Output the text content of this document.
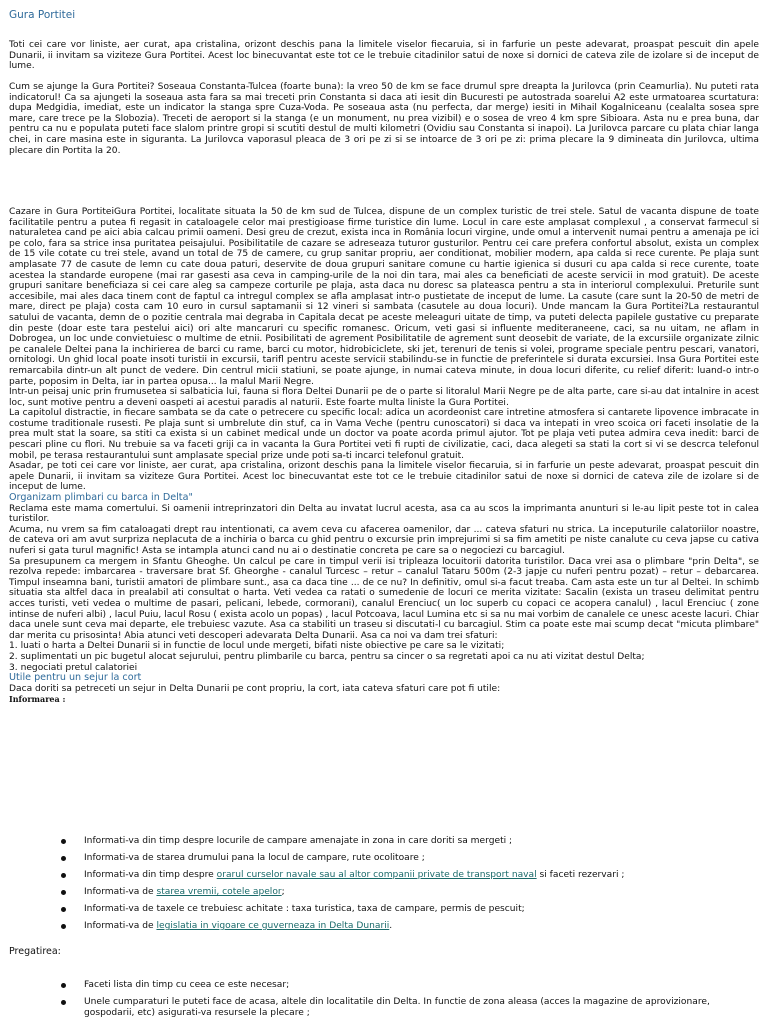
Gura Portitei

Toti cei care vor liniste, aer curat, apa cristalina, orizont deschis pana la limitele viselor fiecaruia, si in farfurie un peste adevarat, proaspat pescuit din apele Dunarii, ii invitam sa viziteze Gura Portitei. Acest loc binecuvantat este tot ce le trebuie citadinilor satui de noxe si dornici de cateva zile de izolare si de inceput de lume.

Cum se ajunge la Gura Portitei? Soseaua Constanta-Tulcea (foarte buna): la vreo 50 de km se face drumul spre dreapta la Jurilovca (prin Ceamurlia). Nu puteti rata indicatorul! Ca sa ajungeti la soseaua asta fara sa mai treceti prin Constanta si daca ati iesit din Bucuresti pe autostrada soarelui A2 este urmatoarea scurtatura: dupa Medgidia, imediat, este un indicator la stanga spre Cuza-Voda. Pe soseaua asta (nu perfecta, dar merge) iesiti in Mihail Kogalniceanu (cealalta sosea spre mare, care trece pe la Slobozia). Treceti de aeroport si la stanga (e un monument, nu prea vizibil) e o sosea de vreo 4 km spre Sibioara. Asta nu e prea buna, dar pentru ca nu e populata puteti face slalom printre gropi si scutiti destul de multi kilometri (Ovidiu sau Constanta si inapoi). La Jurilovca parcare cu plata chiar langa chei, in care masina este in siguranta. La Jurilovca vaporasul pleaca de 3 ori pe zi si se intoarce de 3 ori pe zi: prima plecare la 9 dimineata din Jurilovca, ultima plecare din Portita la 20.

Cazare in Gura PortiteiGura Portitei, localitate situata la 50 de km sud de Tulcea, dispune de un complex turistic de trei stele. Satul de vacanta dispune de toate facilitatile pentru a putea fi regasit in cataloagele celor mai prestigioase firme turistice din lume. Locul in care este amplasat complexul , a conservat farmecul si naturaletea cand pe aici abia calcau primii oameni. Desi greu de crezut, exista inca in România locuri virgine, unde omul a intervenit numai pentru a amenaja pe ici pe colo, fara sa strice insa puritatea peisajului. Posibilitatile de cazare se adreseaza tuturor gusturilor. Pentru cei care prefera confortul absolut, exista un complex de 15 vile cotate cu trei stele, avand un total de 75 de camere, cu grup sanitar propriu, aer conditionat, mobilier modern, apa calda si rece curente. Pe plaja sunt amplasate 77 de casute de lemn cu cate doua paturi, deservite de doua grupuri sanitare comune cu hartie igienica si dusuri cu apa calda si rece curente, toate acestea la standarde europene (mai rar gasesti asa ceva in camping-urile de la noi din tara, mai ales ca beneficiati de aceste servicii in mod gratuit). De aceste grupuri sanitare beneficiaza si cei care aleg sa campeze corturile pe plaja, asta daca nu doresc sa plateasca pentru a sta in interiorul complexului. Preturile sunt accesibile, mai ales daca tinem cont de faptul ca intregul complex se afla amplasat intr-o pustietate de inceput de lume. La casute (care sunt la 20-50 de metri de mare, direct pe plaja) costa cam 10 euro in cursul saptamanii si 12 vineri si sambata (casutele au doua locuri). Unde mancam la Gura Portitei?La restaurantul satului de vacanta, demn de o pozitie centrala mai degraba in Capitala decat pe aceste meleaguri uitate de timp, va puteti delecta papilele gustative cu preparate din peste (doar este tara pestelui aici) ori alte mancaruri cu specific romanesc. Oricum, veti gasi si influente mediteraneene, caci, sa nu uitam, ne aflam in Dobrogea, un loc unde convietuiesc o multime de etnii. Posibilitati de agrement Posibilitatile de agrement sunt deosebit de variate, de la excursiile organizate zilnic pe canalele Deltei pana la inchirierea de barci cu rame, barci cu motor, hidrobiciclete, ski jet, terenuri de tenis si volei, programe speciale pentru pescari, vanatori, ornitologi. Un ghid local poate insoti turistii in excursii, tarifl pentru aceste servicii stabilindu-se in functie de preferintele si durata excursiei. Insa Gura Portitei este remarcabila dintr-un alt punct de vedere. Din centrul micii statiuni, se poate ajunge, in numai cateva minute, in doua locuri diferite, cu relief diferit: luand-o intr-o parte, poposim in Delta, iar in partea opusa... la malul Marii Negre.

Intr-un peisaj unic prin frumusetea si salbaticia lui, fauna si flora Deltei Dunarii pe de o parte si litoralul Marii Negre pe de alta parte, care si-au dat intalnire in acest loc, sunt motive pentru a deveni oaspeti ai acestui paradis al naturii. Este foarte multa liniste la Gura Portitei.

La capitolul distractie, in fiecare sambata se da cate o petrecere cu specific local: adica un acordeonist care intretine atmosfera si cantarete lipovence imbracate in costume traditionale rusesti. Pe plaja sunt si umbrelute din stuf, ca in Vama Veche (pentru cunoscatori) si daca va intepati in vreo scoica ori faceti insolatie de la prea mult stat la soare, sa stiti ca exista si un cabinet medical unde un doctor va poate acorda primul ajutor. Tot pe plaja veti putea admira ceva inedit: barci de pescari pline cu flori. Nu trebuie sa va faceti griji ca in vacanta la Gura Portitei veti fi rupti de civilizatie, caci, daca alegeti sa stati la cort si vi se descrca telefonul mobil, pe terasa restaurantului sunt amplasate special prize unde poti sa-ti incarci telefonul gratuit.

Asadar, pe toti cei care vor liniste, aer curat, apa cristalina, orizont deschis pana la limitele viselor fiecaruia, si in farfurie un peste adevarat, proaspat pescuit din apele Dunarii, ii invitam sa viziteze Gura Portitei. Acest loc binecuvantat este tot ce le trebuie citadinilor satui de noxe si dornici de cateva zile de izolare si de inceput de lume.

Organizam plimbari cu barca in Delta"

Reclama este mama comertului. Si oamenii intreprinzatori din Delta au invatat lucrul acesta, asa ca au scos la imprimanta anunturi si le-au lipit peste tot in calea turistilor.

Acuma, nu vrem sa fim cataloagati drept rau intentionati, ca avem ceva cu afacerea oamenilor, dar ... cateva sfaturi nu strica. La inceputurile calatoriilor noastre, de cateva ori am avut surpriza neplacuta de a inchiria o barca cu ghid pentru o excursie prin imprejurimi si sa fim ametiti pe niste canalute cu ceva japse cu cativa nuferi si gata turul magnific! Asta se intampla atunci cand nu ai o destinatie concreta pe care sa o negociezi cu barcagiul.

Sa presupunem ca mergem in Sfantu Gheoghe. Un calcul pe care in timpul verii isi tripleaza locuitorii datorita turistilor. Daca vrei asa o plimbare "prin Delta", se rezolva repede: imbarcarea - traversare brat Sf. Gheorghe - canalul Turcesc – retur – canalul Tataru 500m (2-3 japje cu nuferi pentru pozat) – retur – debarcarea. Timpul inseamna bani, turistii amatori de plimbare sunt., asa ca daca tine ... de ce nu? In definitiv, omul si-a facut treaba. Cam asta este un tur al Deltei. In schimb situatia sta altfel daca in prealabil ati consultat o harta. Veti vedea ca ratati o sumedenie de locuri ce merita vizitate: Sacalin (exista un traseu delimitat pentru acces turisti, veti vedea o multime de pasari, pelicani, lebede, cormorani), canalul Erenciuc( un loc superb cu copaci ce acopera canalul) , lacul Erenciuc ( zone intinse de nuferi albi) , lacul Puiu, lacul Rosu ( exista acolo un popas) , lacul Potcoava, lacul Lumina etc si sa nu mai vorbim de canalele ce unesc aceste lacuri. Chiar daca unele sunt ceva mai departe, ele trebuiesc vazute. Asa ca stabiliti un traseu si discutati-l cu barcagiul. Stim ca poate este mai scump decat "micuta plimbare" dar merita cu prisosinta! Abia atunci veti descoperi adevarata Delta Dunarii. Asa ca noi va dam trei sfaturi:

1. luati o harta a Deltei Dunarii si in functie de locul unde mergeti, bifati niste obiective pe care sa le vizitati;

2. suplimentati un pic bugetul alocat sejurului, pentru plimbarile cu barca, pentru sa cincer o sa regretati apoi ca nu ati vizitat destul Delta;

3. negociati pretul calatoriei

Utile pentru un sejur la cort

Daca doriti sa petreceti un sejur in Delta Dunarii pe cont propriu, la cort, iata cateva sfaturi care pot fi utile:

Informarea :

Informati-va din timp despre locurile de campare amenajate in zona in care doriti sa mergeti ;
Informati-va de starea drumului pana la locul de campare, rute ocolitoare ;
Informati-va din timp despre orarul curselor navale sau al altor companii private de transport naval si faceti rezervari ;
Informati-va de starea vremii, cotele apelor;
Informati-va de taxele ce trebuiesc achitate : taxa turistica, taxa de campare, permis de pescuit;
Informati-va de legislatia in vigoare ce guverneaza in Delta Dunarii.
Pregatirea:
Faceti lista din timp cu ceea ce este necesar;
Unele cumparaturi le puteti face de acasa, altele din localitatile din Delta. In functie de zona aleasa (acces la magazine de aprovizionare, gospodarii, etc) asigurati-va resursele la plecare ;
